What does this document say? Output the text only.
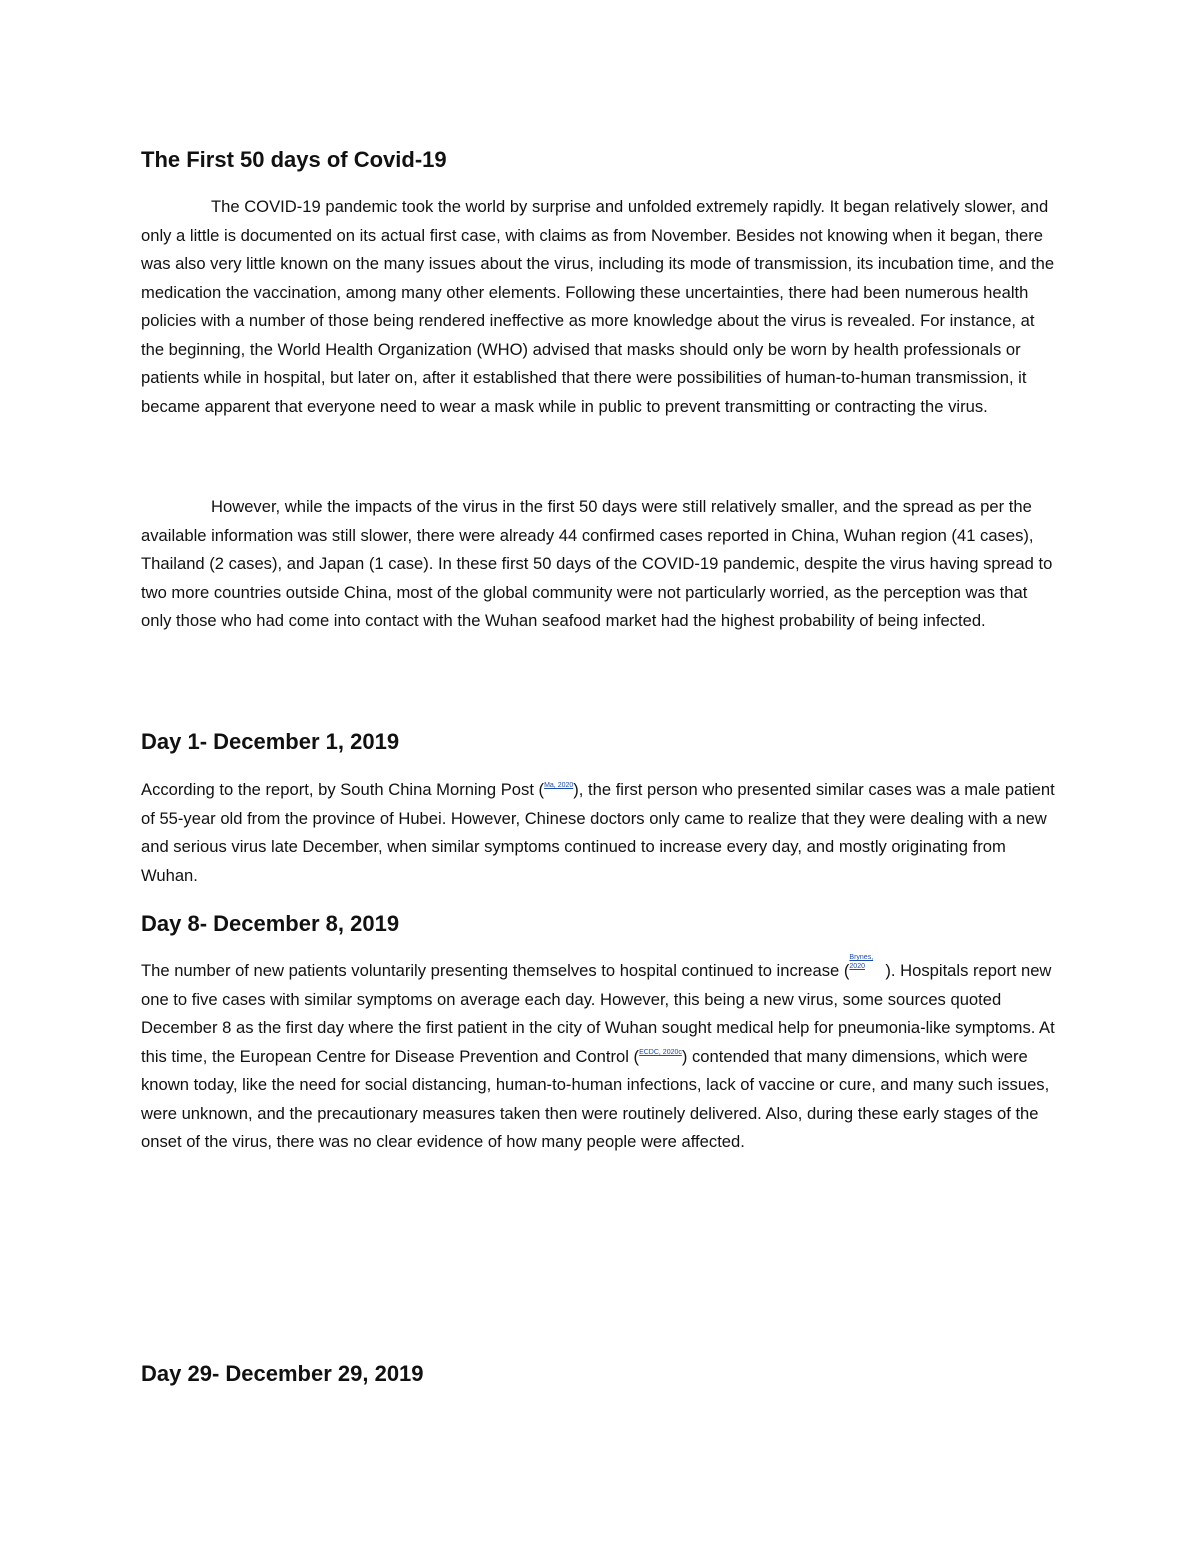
The First 50 days of Covid-19

The COVID-19 pandemic took the world by surprise and unfolded extremely rapidly. It began relatively slower, and only a little is documented on its actual first case, with claims as from November. Besides not knowing when it began, there was also very little known on the many issues about the virus, including its mode of transmission, its incubation time, and the medication the vaccination, among many other elements. Following these uncertainties, there had been numerous health policies with a number of those being rendered ineffective as more knowledge about the virus is revealed. For instance, at the beginning, the World Health Organization (WHO) advised that masks should only be worn by health professionals or patients while in hospital, but later on, after it established that there were possibilities of human-to-human transmission, it became apparent that everyone need to wear a mask while in public to prevent transmitting or contracting the virus.

However, while the impacts of the virus in the first 50 days were still relatively smaller, and the spread as per the available information was still slower, there were already 44 confirmed cases reported in China, Wuhan region (41 cases), Thailand (2 cases), and Japan (1 case). In these first 50 days of the COVID-19 pandemic, despite the virus having spread to two more countries outside China, most of the global community were not particularly worried, as the perception was that only those who had come into contact with the Wuhan seafood market had the highest probability of being infected.

Day 1- December 1, 2019

According to the report, by South China Morning Post ($^{Ma, 2020}$), the first person who presented similar cases was a male patient of 55-year old from the province of Hubei. However, Chinese doctors only came to realize that they were dealing with a new and serious virus late December, when similar symptoms continued to increase every day, and mostly originating from Wuhan.

Day 8- December 8, 2019

The number of new patients voluntarily presenting themselves to hospital continued to increase (Brynes,
2020 ). Hospitals report new one to five cases with similar symptoms on average each day. However, this being a new virus, some sources quoted December 8 as the first day where the first patient in the city of Wuhan sought medical help for pneumonia-like symptoms. At this time, the European Centre for Disease Prevention and Control ($^{ECDC, 2020c}$) contended that many dimensions, which were known today, like the need for social distancing, human-to-human infections, lack of vaccine or cure, and many such issues, were unknown, and the precautionary measures taken then were routinely delivered. Also, during these early stages of the onset of the virus, there was no clear evidence of how many people were affected.

Day 29- December 29, 2019
